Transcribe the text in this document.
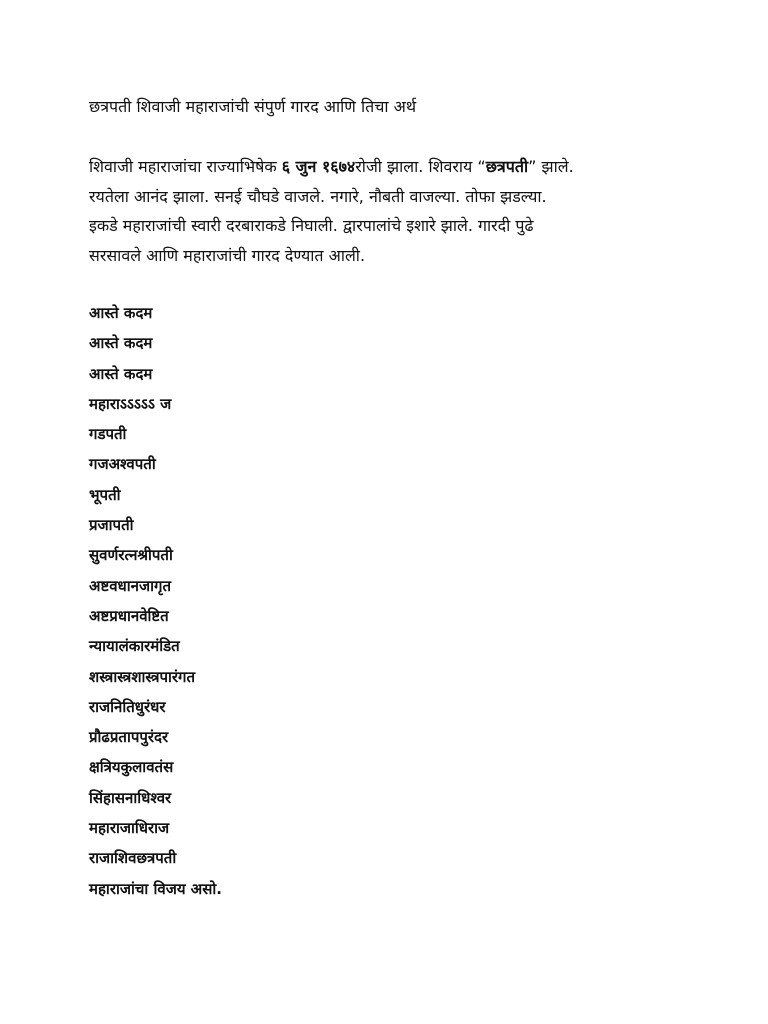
छत्रपती शिवाजी महाराजांची संपुर्ण गारद आणि तिचा अर्थ
शिवाजी महाराजांचा राज्याभिषेक ६ जुन १६७४रोजी झाला. शिवराय “छत्रपती” झाले.
रयतेला आनंद झाला. सनई चौघडे वाजले. नगारे, नौबती वाजल्या. तोफा झडल्या.
इकडे महाराजांची स्वारी दरबाराकडे निघाली. द्वारपालांचे इशारे झाले. गारदी पुढे
सरसावले आणि महाराजांची गारद देण्यात आली.
आस्ते कदम
आस्ते कदम
आस्ते कदम
महाराऽऽऽऽऽ ज
गडपती
गजअश्वपती
भूपती
प्रजापती
सुवर्णरत्नश्रीपती
अष्टवधानजागृत
अष्टप्रधानवेष्टित
न्यायालंकारमंडित
शस्त्रास्त्रशास्त्रपारंगत
राजनितिधुरंधर
प्रौढप्रतापपुरंदर
क्षत्रियकुलावतंस
सिंहासनाधिश्वर
महाराजाधिराज
राजाशिवछत्रपती
महाराजांचा विजय असो.
